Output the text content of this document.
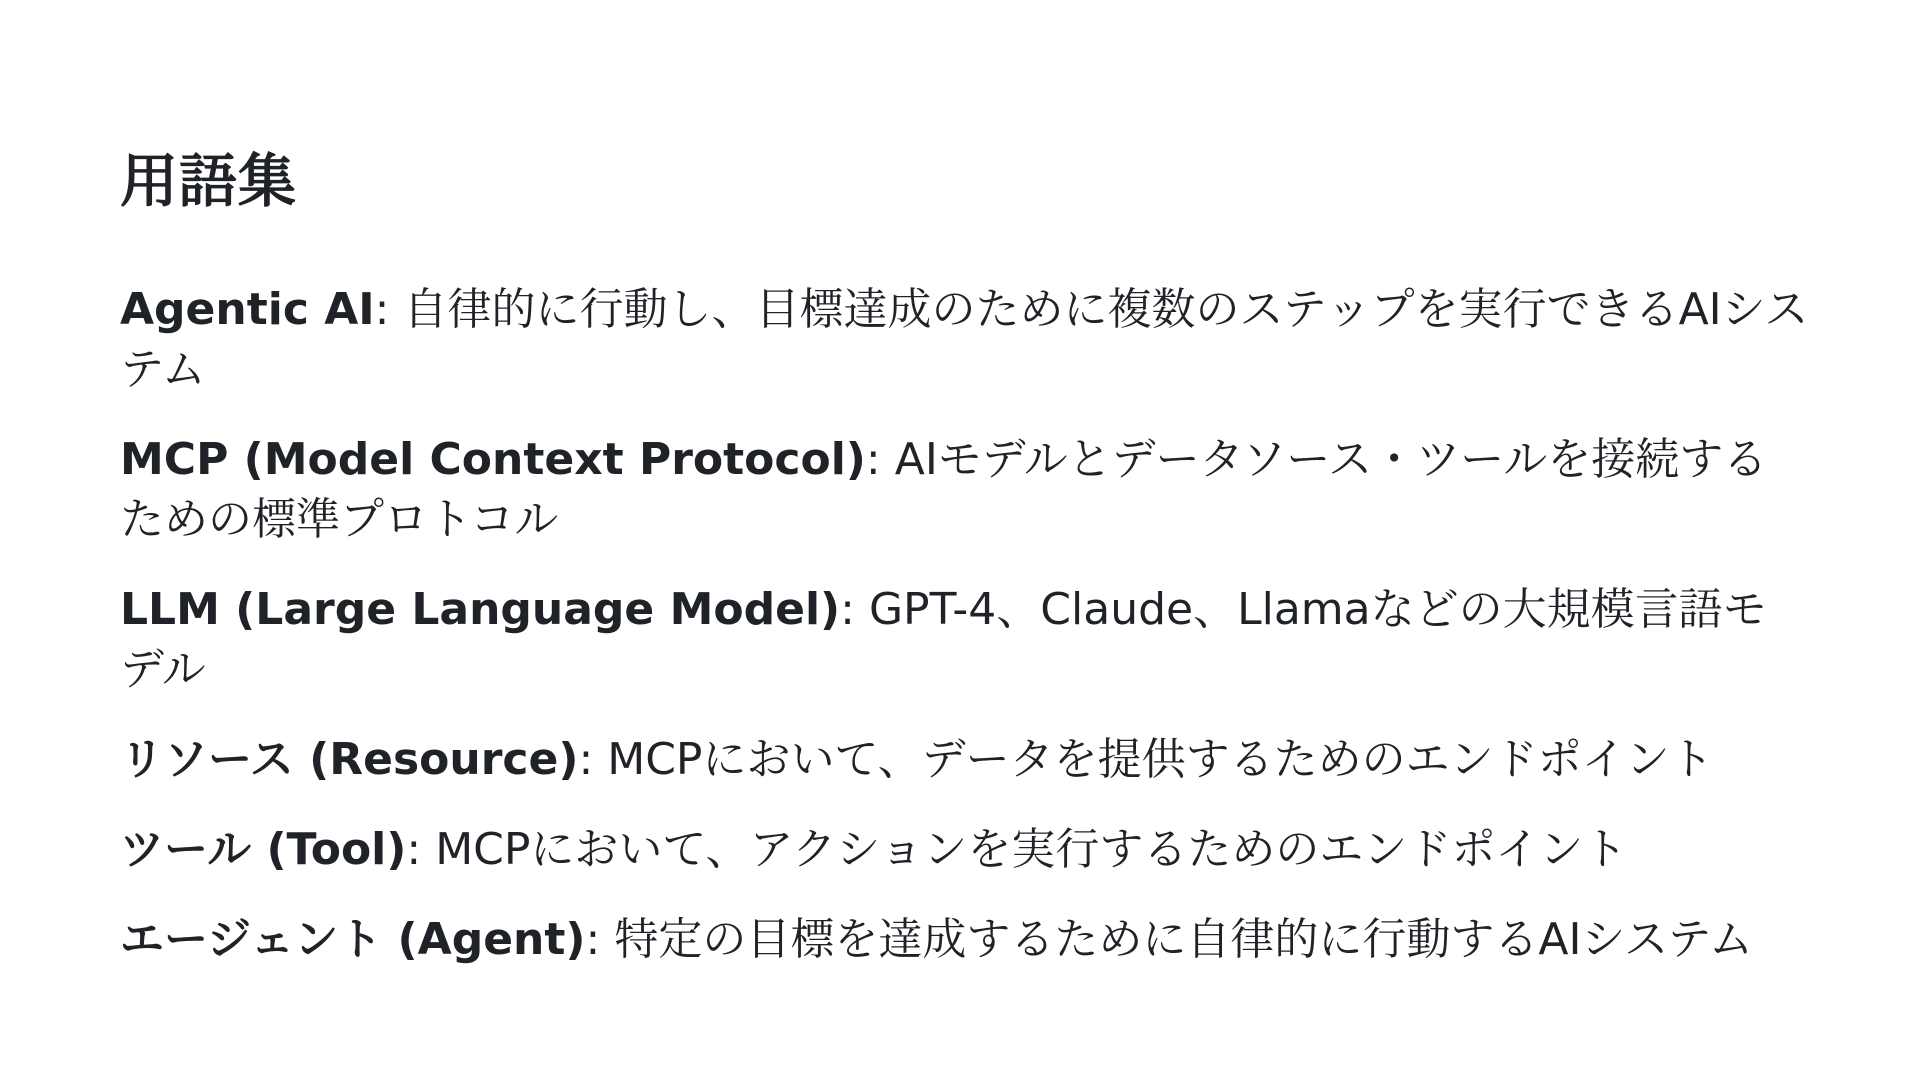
用語集

Agentic AI: 自律的に行動し、目標達成のために複数のステップを実行できるAIシステム

MCP (Model Context Protocol): AIモデルとデータソース・ツールを接続するための標準プロトコル

LLM (Large Language Model): GPT-4、Claude、Llamaなどの大規模言語モデル

リソース (Resource): MCPにおいて、データを提供するためのエンドポイント

ツール (Tool): MCPにおいて、アクションを実行するためのエンドポイント

エージェント (Agent): 特定の目標を達成するために自律的に行動するAIシステム
